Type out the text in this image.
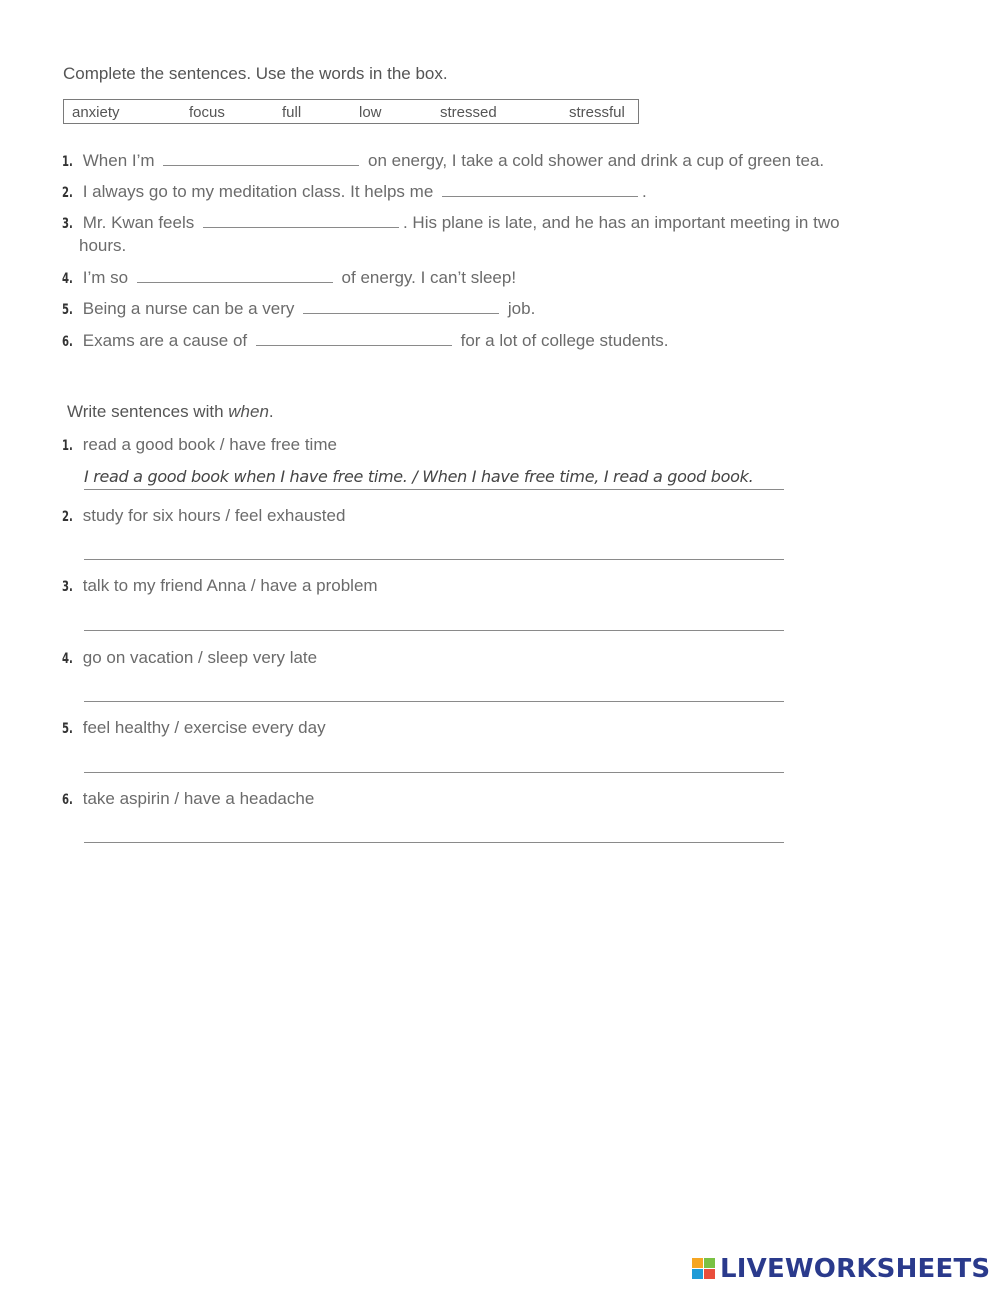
Complete the sentences. Use the words in the box.
anxiety	focus	full	low	stressed	stressful
1. When I’m	on energy, I take a cold shower and drink a cup of green tea.
2. I always go to my meditation class. It helps me	.
3. Mr. Kwan feels	. His plane is late, and he has an important meeting in two
hours.
4. I’m so	of energy. I can’t sleep!
5. Being a nurse can be a very	job.
6. Exams are a cause of	for a lot of college students.
Write sentences with when.
1. read a good book / have free time
I read a good book when I have free time. / When I have free time, I read a good book.
2. study for six hours / feel exhausted
3. talk to my friend Anna / have a problem
4. go on vacation / sleep very late
5. feel healthy / exercise every day
6. take aspirin / have a headache
LIVEWORKSHEETS
